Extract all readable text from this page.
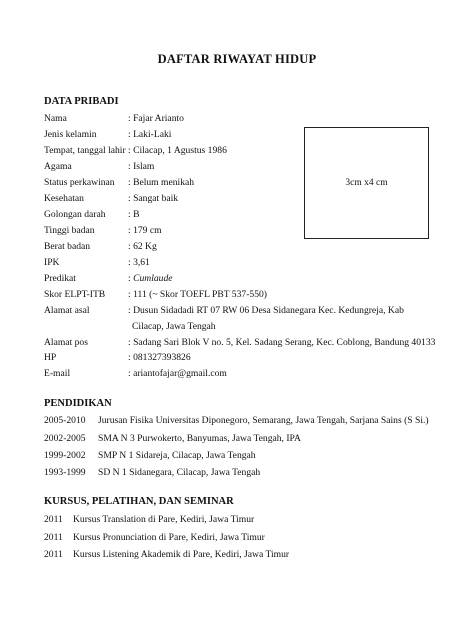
DAFTAR RIWAYAT HIDUP
DATA PRIBADI
Nama	: Fajar Arianto
Jenis kelamin	: Laki-Laki
Tempat, tanggal lahir : Cilacap, 1 Agustus 1986
Agama	: Islam
Status perkawinan : Belum menikah
Kesehatan	: Sangat baik
Golongan darah : B
Tinggi badan	: 179 cm
Berat badan	: 62 Kg
IPK	: 3,61
Predikat	: Cumlaude
Skor ELPT-ITB : 111 (~ Skor TOEFL PBT 537-550)
Alamat asal	: Dusun Sidadadi RT 07 RW 06 Desa Sidanegara Kec. Kedungreja, Kab
Cilacap, Jawa Tengah
Alamat pos	: Sadang Sari Blok V no. 5, Kel. Sadang Serang, Kec. Coblong, Bandung 40133
HP	: 081327393826
E-mail	: ariantofajar@gmail.com
3cm x4 cm
PENDIDIKAN
2005-2010 Jurusan Fisika Universitas Diponegoro, Semarang, Jawa Tengah, Sarjana Sains (S Si.)
2002-2005 SMA N 3 Purwokerto, Banyumas, Jawa Tengah, IPA
1999-2002 SMP N 1 Sidareja, Cilacap, Jawa Tengah
1993-1999 SD N 1 Sidanegara, Cilacap, Jawa Tengah
KURSUS, PELATIHAN, DAN SEMINAR
2011 Kursus Translation di Pare, Kediri, Jawa Timur
2011 Kursus Pronunciation di Pare, Kediri, Jawa Timur
2011 Kursus Listening Akademik di Pare, Kediri, Jawa Timur
